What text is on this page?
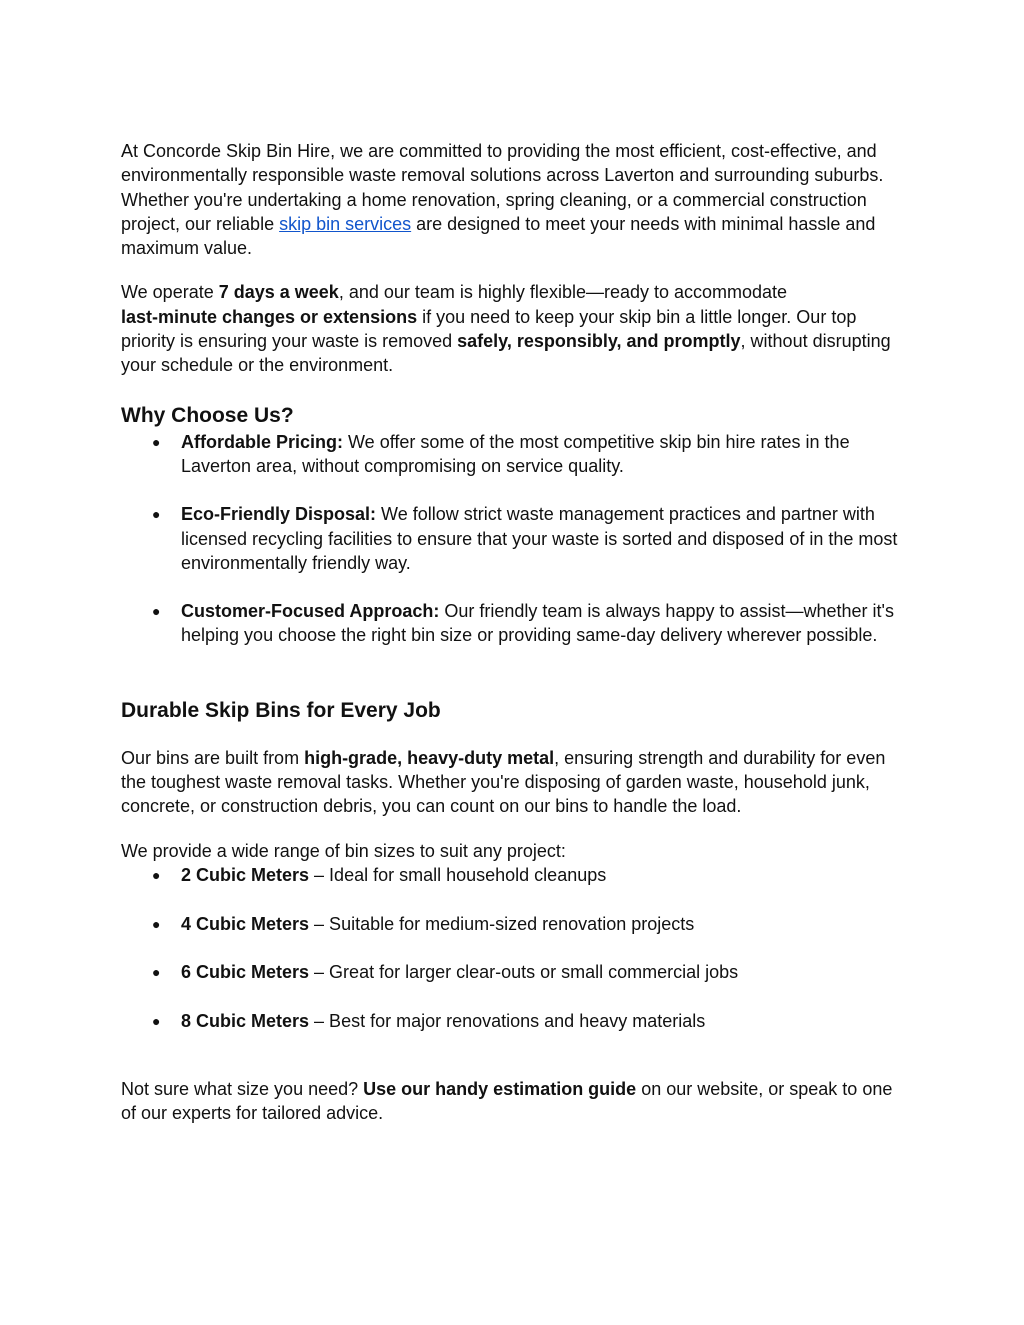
At Concorde Skip Bin Hire, we are committed to providing the most efficient, cost-effective, and environmentally responsible waste removal solutions across Laverton and surrounding suburbs. Whether you're undertaking a home renovation, spring cleaning, or a commercial construction project, our reliable skip bin services are designed to meet your needs with minimal hassle and maximum value.

We operate 7 days a week, and our team is highly flexible—ready to accommodate
last-minute changes or extensions if you need to keep your skip bin a little longer. Our top priority is ensuring your waste is removed safely, responsibly, and promptly, without disrupting your schedule or the environment.

Why Choose Us?
● Affordable Pricing: We offer some of the most competitive skip bin hire rates in the Laverton area, without compromising on service quality.
● Eco-Friendly Disposal: We follow strict waste management practices and partner with licensed recycling facilities to ensure that your waste is sorted and disposed of in the most environmentally friendly way.
● Customer-Focused Approach: Our friendly team is always happy to assist—whether it's helping you choose the right bin size or providing same-day delivery wherever possible.
Durable Skip Bins for Every Job

Our bins are built from high-grade, heavy-duty metal, ensuring strength and durability for even the toughest waste removal tasks. Whether you're disposing of garden waste, household junk, concrete, or construction debris, you can count on our bins to handle the load.

We provide a wide range of bin sizes to suit any project:

● 2 Cubic Meters – Ideal for small household cleanups
● 4 Cubic Meters – Suitable for medium-sized renovation projects
● 6 Cubic Meters – Great for larger clear-outs or small commercial jobs
● 8 Cubic Meters – Best for major renovations and heavy materials

Not sure what size you need? Use our handy estimation guide on our website, or speak to one of our experts for tailored advice.
